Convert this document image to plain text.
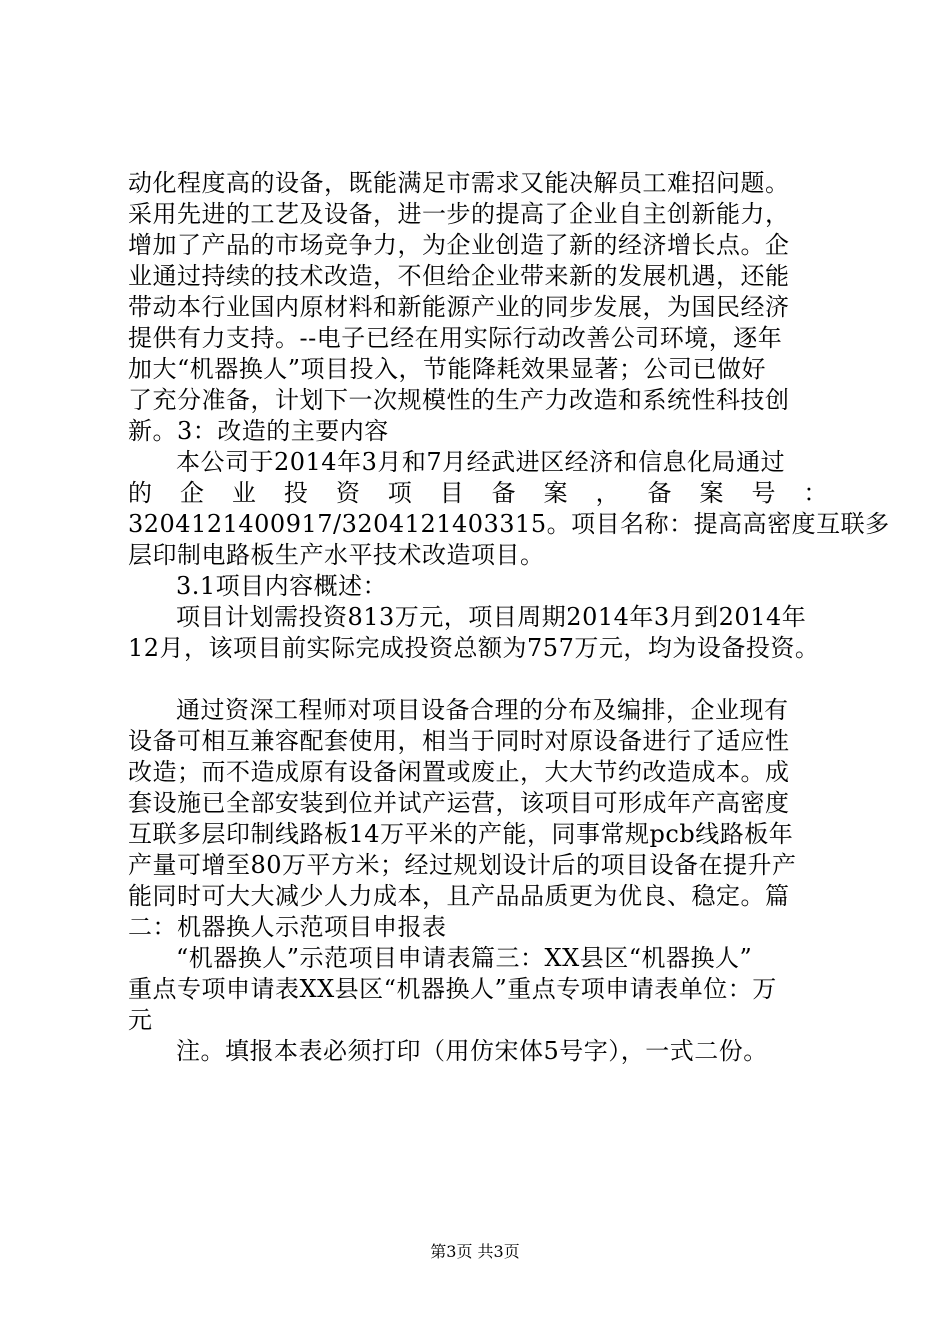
动化程度高的设备，既能满足市需求又能决解员工难招问题。
采用先进的工艺及设备，进一步的提高了企业自主创新能力，
增加了产品的市场竞争力，为企业创造了新的经济增长点。企
业通过持续的技术改造，不但给企业带来新的发展机遇，还能
带动本行业国内原材料和新能源产业的同步发展，为国民经济
提供有力支持。--电子已经在用实际行动改善公司环境，逐年
加大“机器换人”项目投入，节能降耗效果显著；公司已做好
了充分准备，计划下一次规模性的生产力改造和系统性科技创
新。3：改造的主要内容
本公司于2014年3月和7月经武进区经济和信息化局通过
的 企 业 投 资 项 目 备 案 ， 备 案 号 ：
3204121400917/3204121403315。项目名称：提高高密度互联多
层印制电路板生产水平技术改造项目。
3.1项目内容概述：
项目计划需投资813万元，项目周期2014年3月到2014年
12月，该项目前实际完成投资总额为757万元，均为设备投资。
通过资深工程师对项目设备合理的分布及编排，企业现有
设备可相互兼容配套使用，相当于同时对原设备进行了适应性
改造；而不造成原有设备闲置或废止，大大节约改造成本。成
套设施已全部安装到位并试产运营，该项目可形成年产高密度
互联多层印制线路板14万平米的产能，同事常规pcb线路板年
产量可增至80万平方米；经过规划设计后的项目设备在提升产
能同时可大大减少人力成本，且产品品质更为优良、稳定。篇
二：机器换人示范项目申报表
“机器换人”示范项目申请表篇三：XX县区“机器换人”
重点专项申请表XX县区“机器换人”重点专项申请表单位：万
元
注。填报本表必须打印（用仿宋体5号字），一式二份。
第3页 共3页
